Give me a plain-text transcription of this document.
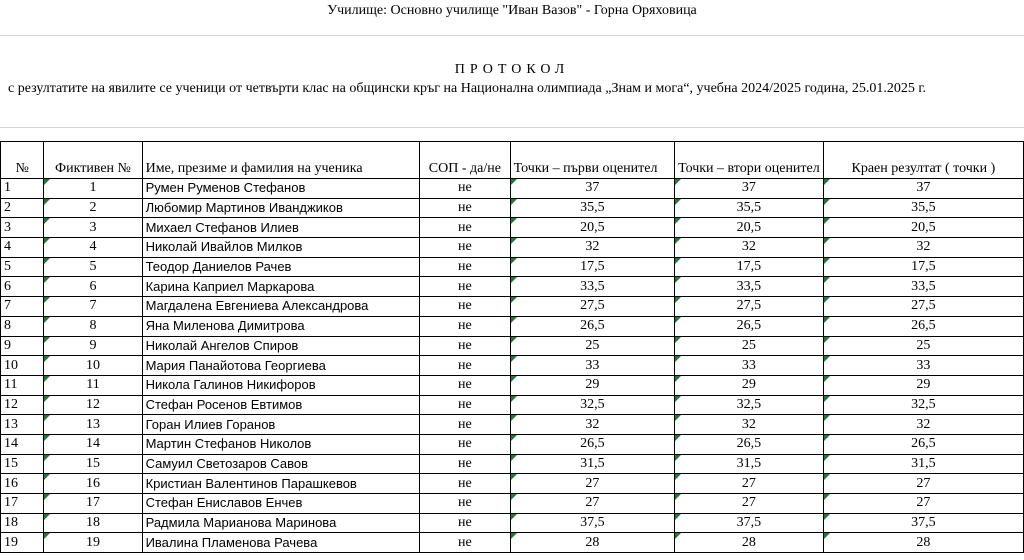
Училище: Основно училище "Иван Вазов" - Горна Оряховица
ПРОТОКОЛ
с резултатите на явилите се ученици от четвърти клас на общински кръг на Национална олимпиада „Знам и мога“, учебна 2024/2025 година, 25.01.2025 г.
№	Фиктивен №	Име, презиме и фамилия на ученика	СОП - да/не	Точки – първи оценител	Точки – втори оценител	Краен резултат ( точки )
1	1	Румен Руменов Стефанов	не	37	37	37
2	2	Любомир Мартинов Иванджиков	не	35,5	35,5	35,5
3	3	Михаел Стефанов Илиев	не	20,5	20,5	20,5
4	4	Николай Ивайлов Милков	не	32	32	32
5	5	Теодор Даниелов Рачев	не	17,5	17,5	17,5
6	6	Карина Каприел Маркарова	не	33,5	33,5	33,5
7	7	Магдалена Евгениева Александрова	не	27,5	27,5	27,5
8	8	Яна Миленова Димитрова	не	26,5	26,5	26,5
9	9	Николай Ангелов Спиров	не	25	25	25
10	10	Мария Панайотова Георгиева	не	33	33	33
11	11	Никола Галинов Никифоров	не	29	29	29
12	12	Стефан Росенов Евтимов	не	32,5	32,5	32,5
13	13	Горан Илиев Горанов	не	32	32	32
14	14	Мартин Стефанов Николов	не	26,5	26,5	26,5
15	15	Самуил Светозаров Савов	не	31,5	31,5	31,5
16	16	Кристиан Валентинов Парашкевов	не	27	27	27
17	17	Стефан Ениславов Енчев	не	27	27	27
18	18	Радмила Марианова Маринова	не	37,5	37,5	37,5
19	19	Ивалина Пламенова Рачева	не	28	28	28
